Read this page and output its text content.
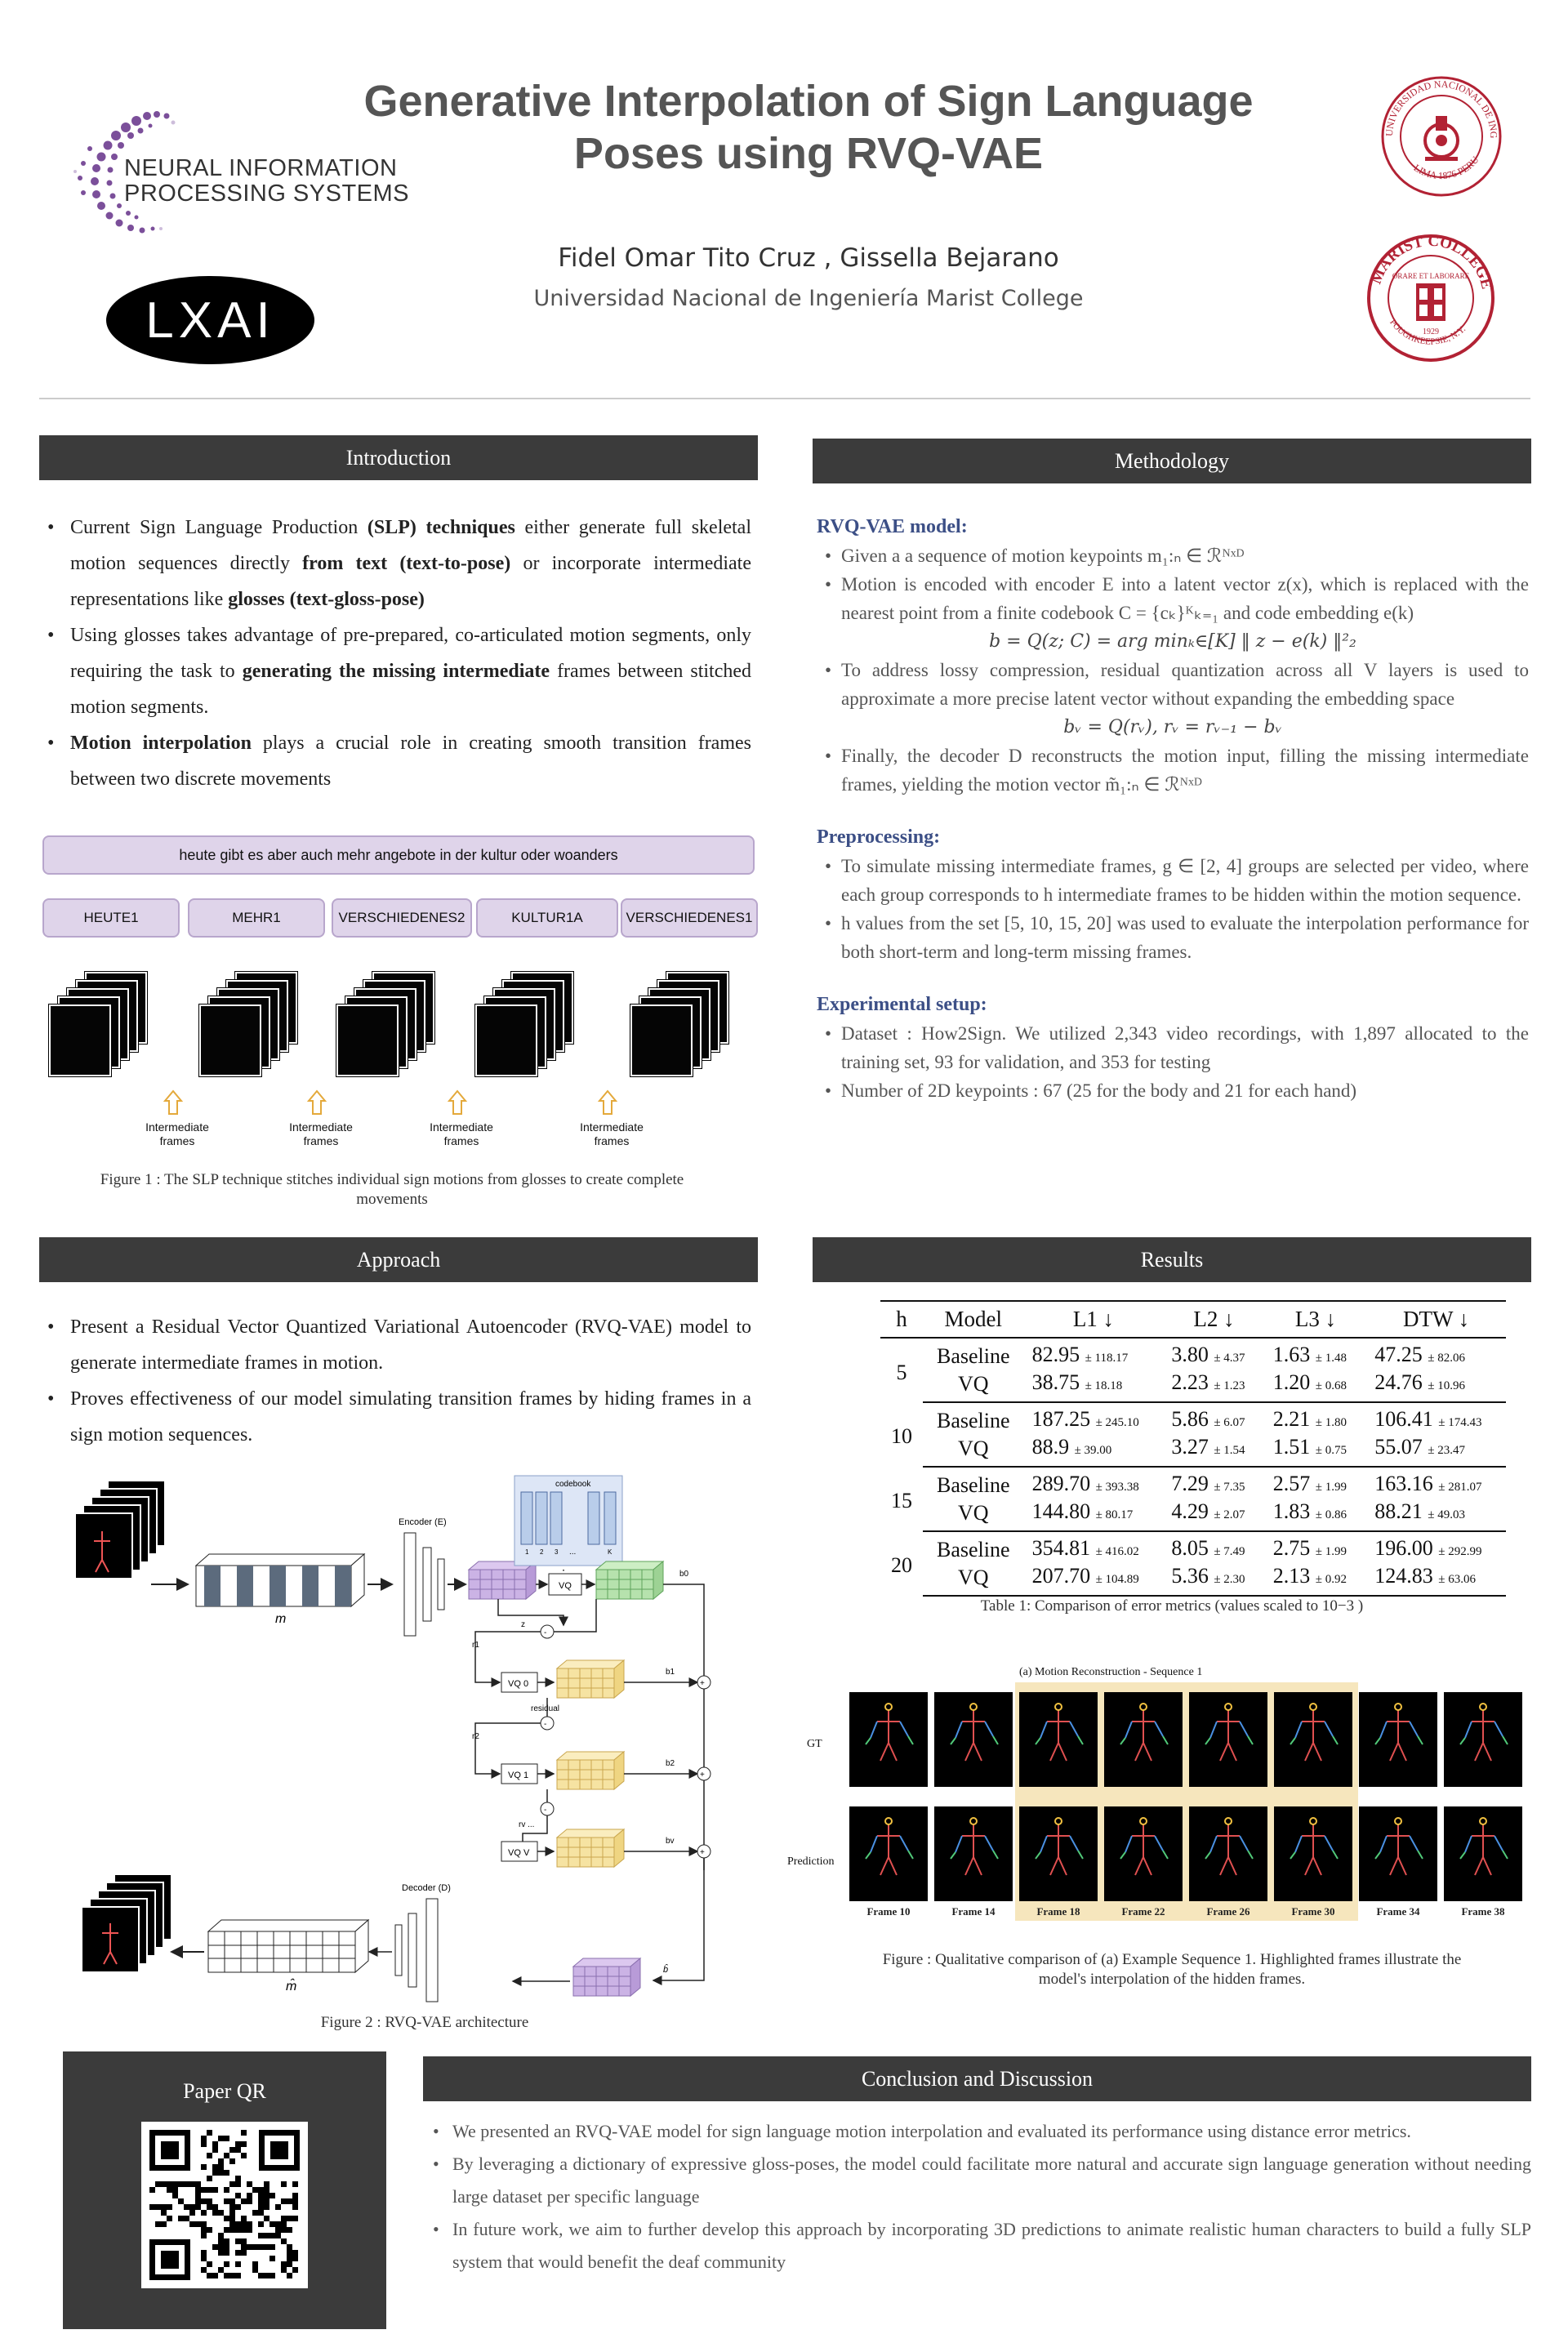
NEURAL INFORMATION
PROCESSING SYSTEMS
LXAI
Generative Interpolation of Sign Language
Poses using RVQ-VAE
Fidel Omar Tito Cruz , Gissella Bejarano
Universidad Nacional de Ingeniería Marist College
UNIVERSIDAD NACIONAL DE ING
LIMA 1876 PERU
MARIST COLLEGE
POUGHKEEPSIE, N.Y.
ORARE ET LABORARE
1929
Introduction
• Current Sign Language Production (SLP) techniques either generate full skeletal motion sequences directly from text (text-to-pose) or incorporate intermediate representations like glosses (text-gloss-pose)
• Using glosses takes advantage of pre-prepared, co-articulated motion segments, only requiring the task to generating the missing intermediate frames between stitched motion segments.
• Motion interpolation plays a crucial role in creating smooth transition frames between two discrete movements
heute gibt es aber auch mehr angebote in der kultur oder woanders
HEUTE1	MEHR1	VERSCHIEDENES2	KULTUR1A	VERSCHIEDENES1
Intermediate frames
Intermediate frames
Intermediate frames
Intermediate frames
Figure 1 : The SLP technique stitches individual sign motions from glosses to create complete movements
Approach
• Present a Residual Vector Quantized Variational Autoencoder (RVQ-VAE) model to generate intermediate frames in motion.
• Proves effectiveness of our model simulating transition frames by hiding frames in a sign motion sequences.
m
Encoder (E)
codebook
1 2 3 ...	K
VQ
b0
-
z
r1
VQ 0
b1
+
residual
-
r2
VQ 1
b2
+
-
rv ...
VQ V
bv
+
b̂
Decoder (D)
m̂
Figure 2 : RVQ-VAE architecture
Methodology
RVQ-VAE model:
• Given a a sequence of motion keypoints m₁:ₙ ∈ ℛᴺˣᴰ
• Motion is encoded with encoder E into a latent vector z(x), which is replaced with the nearest point from a finite codebook C = {cₖ}ᴷₖ₌₁ and code embedding e(k)
b = Q(z; C) = arg minₖ∈[K] ‖ z − e(k) ‖²₂
• To address lossy compression, residual quantization across all V layers is used to approximate a more precise latent vector without expanding the embedding space
bᵥ = Q(rᵥ), rᵥ = rᵥ₋₁ − bᵥ
• Finally, the decoder D reconstructs the motion input, filling the missing intermediate frames, yielding the motion vector m̃₁:ₙ ∈ ℛᴺˣᴰ
Preprocessing:
• To simulate missing intermediate frames, g ∈ [2, 4] groups are selected per video, where each group corresponds to h intermediate frames to be hidden within the motion sequence.
• h values from the set [5, 10, 15, 20] was used to evaluate the interpolation performance for both short-term and long-term missing frames.
Experimental setup:
• Dataset : How2Sign. We utilized 2,343 video recordings, with 1,897 allocated to the training set, 93 for validation, and 353 for testing
• Number of 2D keypoints : 67 (25 for the body and 21 for each hand)
Results
h	Model	L1 ↓	L2 ↓	L3 ↓	DTW ↓
5	Baseline	82.95 ± 118.17	3.80 ± 4.37	1.63 ± 1.48	47.25 ± 82.06
	VQ	38.75 ± 18.18	2.23 ± 1.23	1.20 ± 0.68	24.76 ± 10.96
10	Baseline	187.25 ± 245.10	5.86 ± 6.07	2.21 ± 1.80	106.41 ± 174.43
	VQ	88.9 ± 39.00	3.27 ± 1.54	1.51 ± 0.75	55.07 ± 23.47
15	Baseline	289.70 ± 393.38	7.29 ± 7.35	2.57 ± 1.99	163.16 ± 281.07
	VQ	144.80 ± 80.17	4.29 ± 2.07	1.83 ± 0.86	88.21 ± 49.03
20	Baseline	354.81 ± 416.02	8.05 ± 7.49	2.75 ± 1.99	196.00 ± 292.99
	VQ	207.70 ± 104.89	5.36 ± 2.30	2.13 ± 0.92	124.83 ± 63.06
Table 1: Comparison of error metrics (values scaled to 10−3 )
(a) Motion Reconstruction - Sequence 1
GT
Prediction
Frame 10	Frame 14	Frame 18	Frame 22	Frame 26	Frame 30	Frame 34	Frame 38
Figure : Qualitative comparison of (a) Example Sequence 1. Highlighted frames illustrate the model's interpolation of the hidden frames.
Paper QR
Conclusion and Discussion
• We presented an RVQ-VAE model for sign language motion interpolation and evaluated its performance using distance error metrics.
• By leveraging a dictionary of expressive gloss-poses, the model could facilitate more natural and accurate sign language generation without needing large dataset per specific language
• In future work, we aim to further develop this approach by incorporating 3D predictions to animate realistic human characters to build a fully SLP system that would benefit the deaf community
